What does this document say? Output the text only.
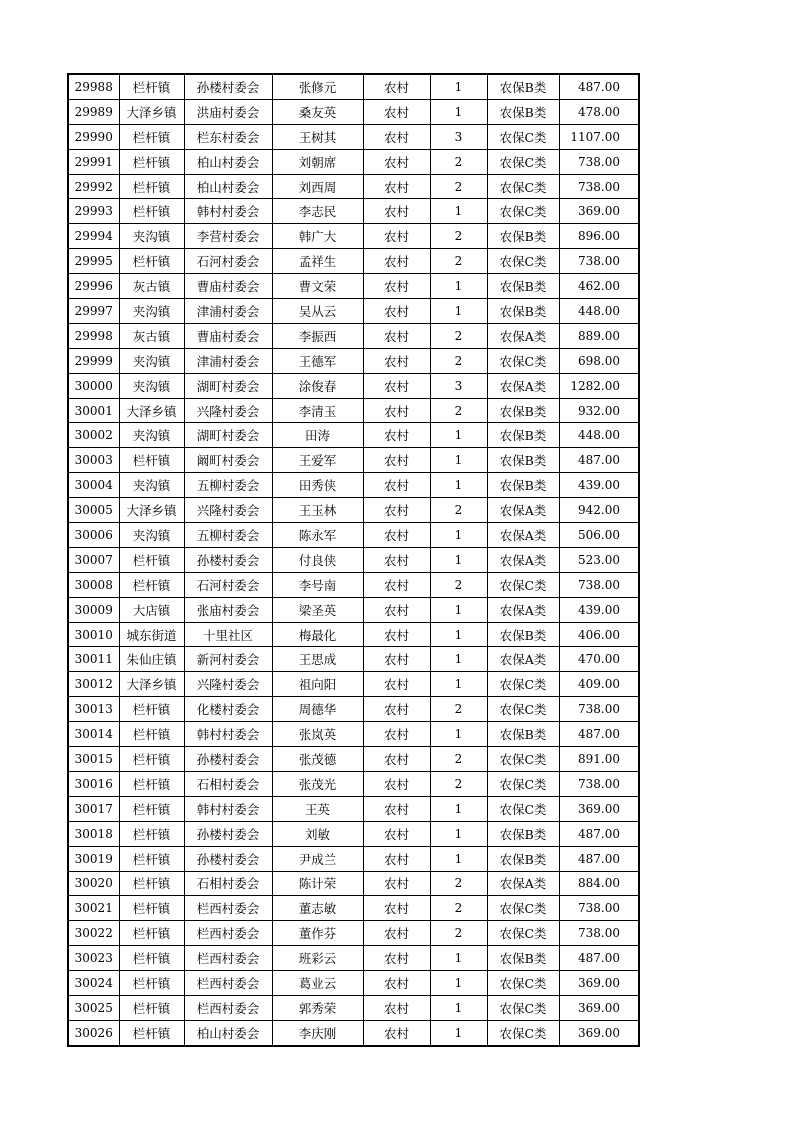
29988	栏杆镇	孙楼村委会	张修元	农村	1	农保B类	487.00
29989	大泽乡镇	洪庙村委会	桑友英	农村	1	农保B类	478.00
29990	栏杆镇	栏东村委会	王树其	农村	3	农保C类	1107.00
29991	栏杆镇	柏山村委会	刘朝席	农村	2	农保C类	738.00
29992	栏杆镇	柏山村委会	刘西周	农村	2	农保C类	738.00
29993	栏杆镇	韩村村委会	李志民	农村	1	农保C类	369.00
29994	夹沟镇	李营村委会	韩广大	农村	2	农保B类	896.00
29995	栏杆镇	石河村委会	孟祥生	农村	2	农保C类	738.00
29996	灰古镇	曹庙村委会	曹文荣	农村	1	农保B类	462.00
29997	夹沟镇	津浦村委会	吴从云	农村	1	农保B类	448.00
29998	灰古镇	曹庙村委会	李振西	农村	2	农保A类	889.00
29999	夹沟镇	津浦村委会	王德军	农村	2	农保C类	698.00
30000	夹沟镇	湖町村委会	涂俊春	农村	3	农保A类	1282.00
30001	大泽乡镇	兴隆村委会	李清玉	农村	2	农保B类	932.00
30002	夹沟镇	湖町村委会	田涛	农村	1	农保B类	448.00
30003	栏杆镇	阚町村委会	王爱军	农村	1	农保B类	487.00
30004	夹沟镇	五柳村委会	田秀侠	农村	1	农保B类	439.00
30005	大泽乡镇	兴隆村委会	王玉林	农村	2	农保A类	942.00
30006	夹沟镇	五柳村委会	陈永军	农村	1	农保A类	506.00
30007	栏杆镇	孙楼村委会	付良侠	农村	1	农保A类	523.00
30008	栏杆镇	石河村委会	李号南	农村	2	农保C类	738.00
30009	大店镇	张庙村委会	梁圣英	农村	1	农保A类	439.00
30010	城东街道	十里社区	梅最化	农村	1	农保B类	406.00
30011	朱仙庄镇	新河村委会	王思成	农村	1	农保A类	470.00
30012	大泽乡镇	兴隆村委会	祖向阳	农村	1	农保C类	409.00
30013	栏杆镇	化楼村委会	周德华	农村	2	农保C类	738.00
30014	栏杆镇	韩村村委会	张岚英	农村	1	农保B类	487.00
30015	栏杆镇	孙楼村委会	张茂德	农村	2	农保C类	891.00
30016	栏杆镇	石相村委会	张茂光	农村	2	农保C类	738.00
30017	栏杆镇	韩村村委会	王英	农村	1	农保C类	369.00
30018	栏杆镇	孙楼村委会	刘敏	农村	1	农保B类	487.00
30019	栏杆镇	孙楼村委会	尹成兰	农村	1	农保B类	487.00
30020	栏杆镇	石相村委会	陈计荣	农村	2	农保A类	884.00
30021	栏杆镇	栏西村委会	董志敏	农村	2	农保C类	738.00
30022	栏杆镇	栏西村委会	董作芬	农村	2	农保C类	738.00
30023	栏杆镇	栏西村委会	班彩云	农村	1	农保B类	487.00
30024	栏杆镇	栏西村委会	葛业云	农村	1	农保C类	369.00
30025	栏杆镇	栏西村委会	郭秀荣	农村	1	农保C类	369.00
30026	栏杆镇	柏山村委会	李庆刚	农村	1	农保C类	369.00
